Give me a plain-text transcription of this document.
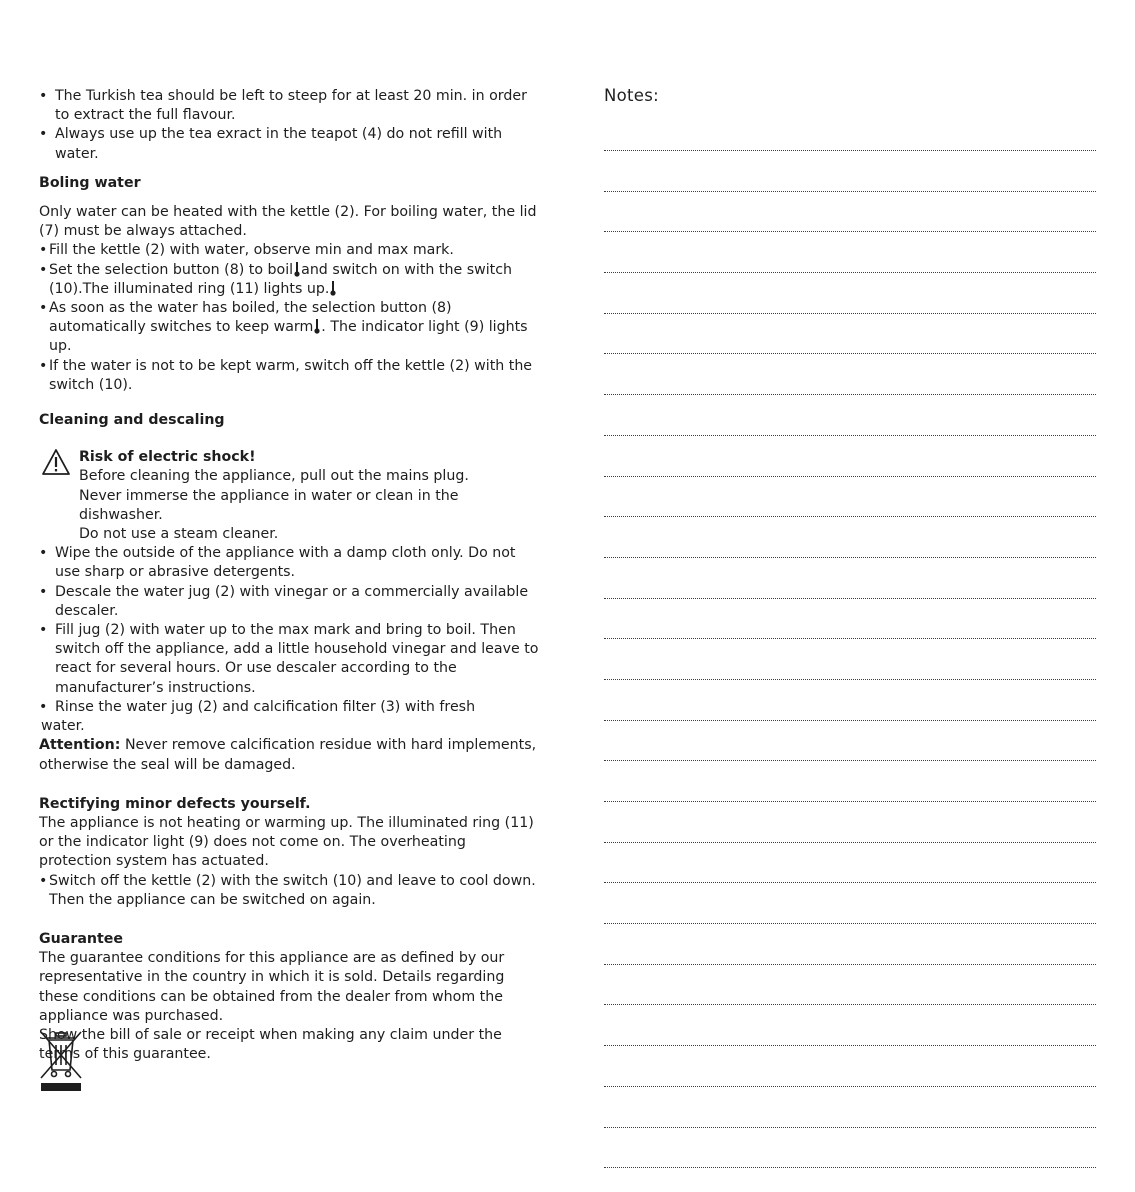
• The Turkish tea should be left to steep for at least 20 min. in order to extract the full flavour.

• Always use up the tea exract in the teapot (4) do not refill with water.

Boling water

Only water can be heated with the kettle (2). For boiling water, the lid (7) must be always attached.

• Fill the kettle (2) with water, observe min and max mark.

• Set the selection button (8) to boil and switch on with the switch (10).The illuminated ring (11) lights up.

• As soon as the water has boiled, the selection button (8) automatically switches to keep warm . The indicator light (9) lights up.

• If the water is not to be kept warm, switch off the kettle (2) with the switch (10).

Cleaning and descaling

Risk of electric shock!

Before cleaning the appliance, pull out the mains plug.

Never immerse the appliance in water or clean in the dishwasher.

Do not use a steam cleaner.

• Wipe the outside of the appliance with a damp cloth only. Do not use sharp or abrasive detergents.

• Descale the water jug (2) with vinegar or a commercially available descaler.

• Fill jug (2) with water up to the max mark and bring to boil. Then switch off the appliance, add a little household vinegar and leave to react for several hours. Or use descaler according to the manufacturer’s instructions.

• Rinse the water jug (2) and calcification filter (3) with fresh

water.

Attention: Never remove calcification residue with hard implements, otherwise the seal will be damaged.

Rectifying minor defects yourself.

The appliance is not heating or warming up. The illuminated ring (11) or the indicator light (9) does not come on. The overheating protection system has actuated.

• Switch off the kettle (2) with the switch (10) and leave to cool down. Then the appliance can be switched on again.

Guarantee

The guarantee conditions for this appliance are as defined by our representative in the country in which it is sold. Details regarding these conditions can be obtained from the dealer from whom the appliance was purchased.

Show the bill of sale or receipt when making any claim under the terms of this guarantee.

Notes:
